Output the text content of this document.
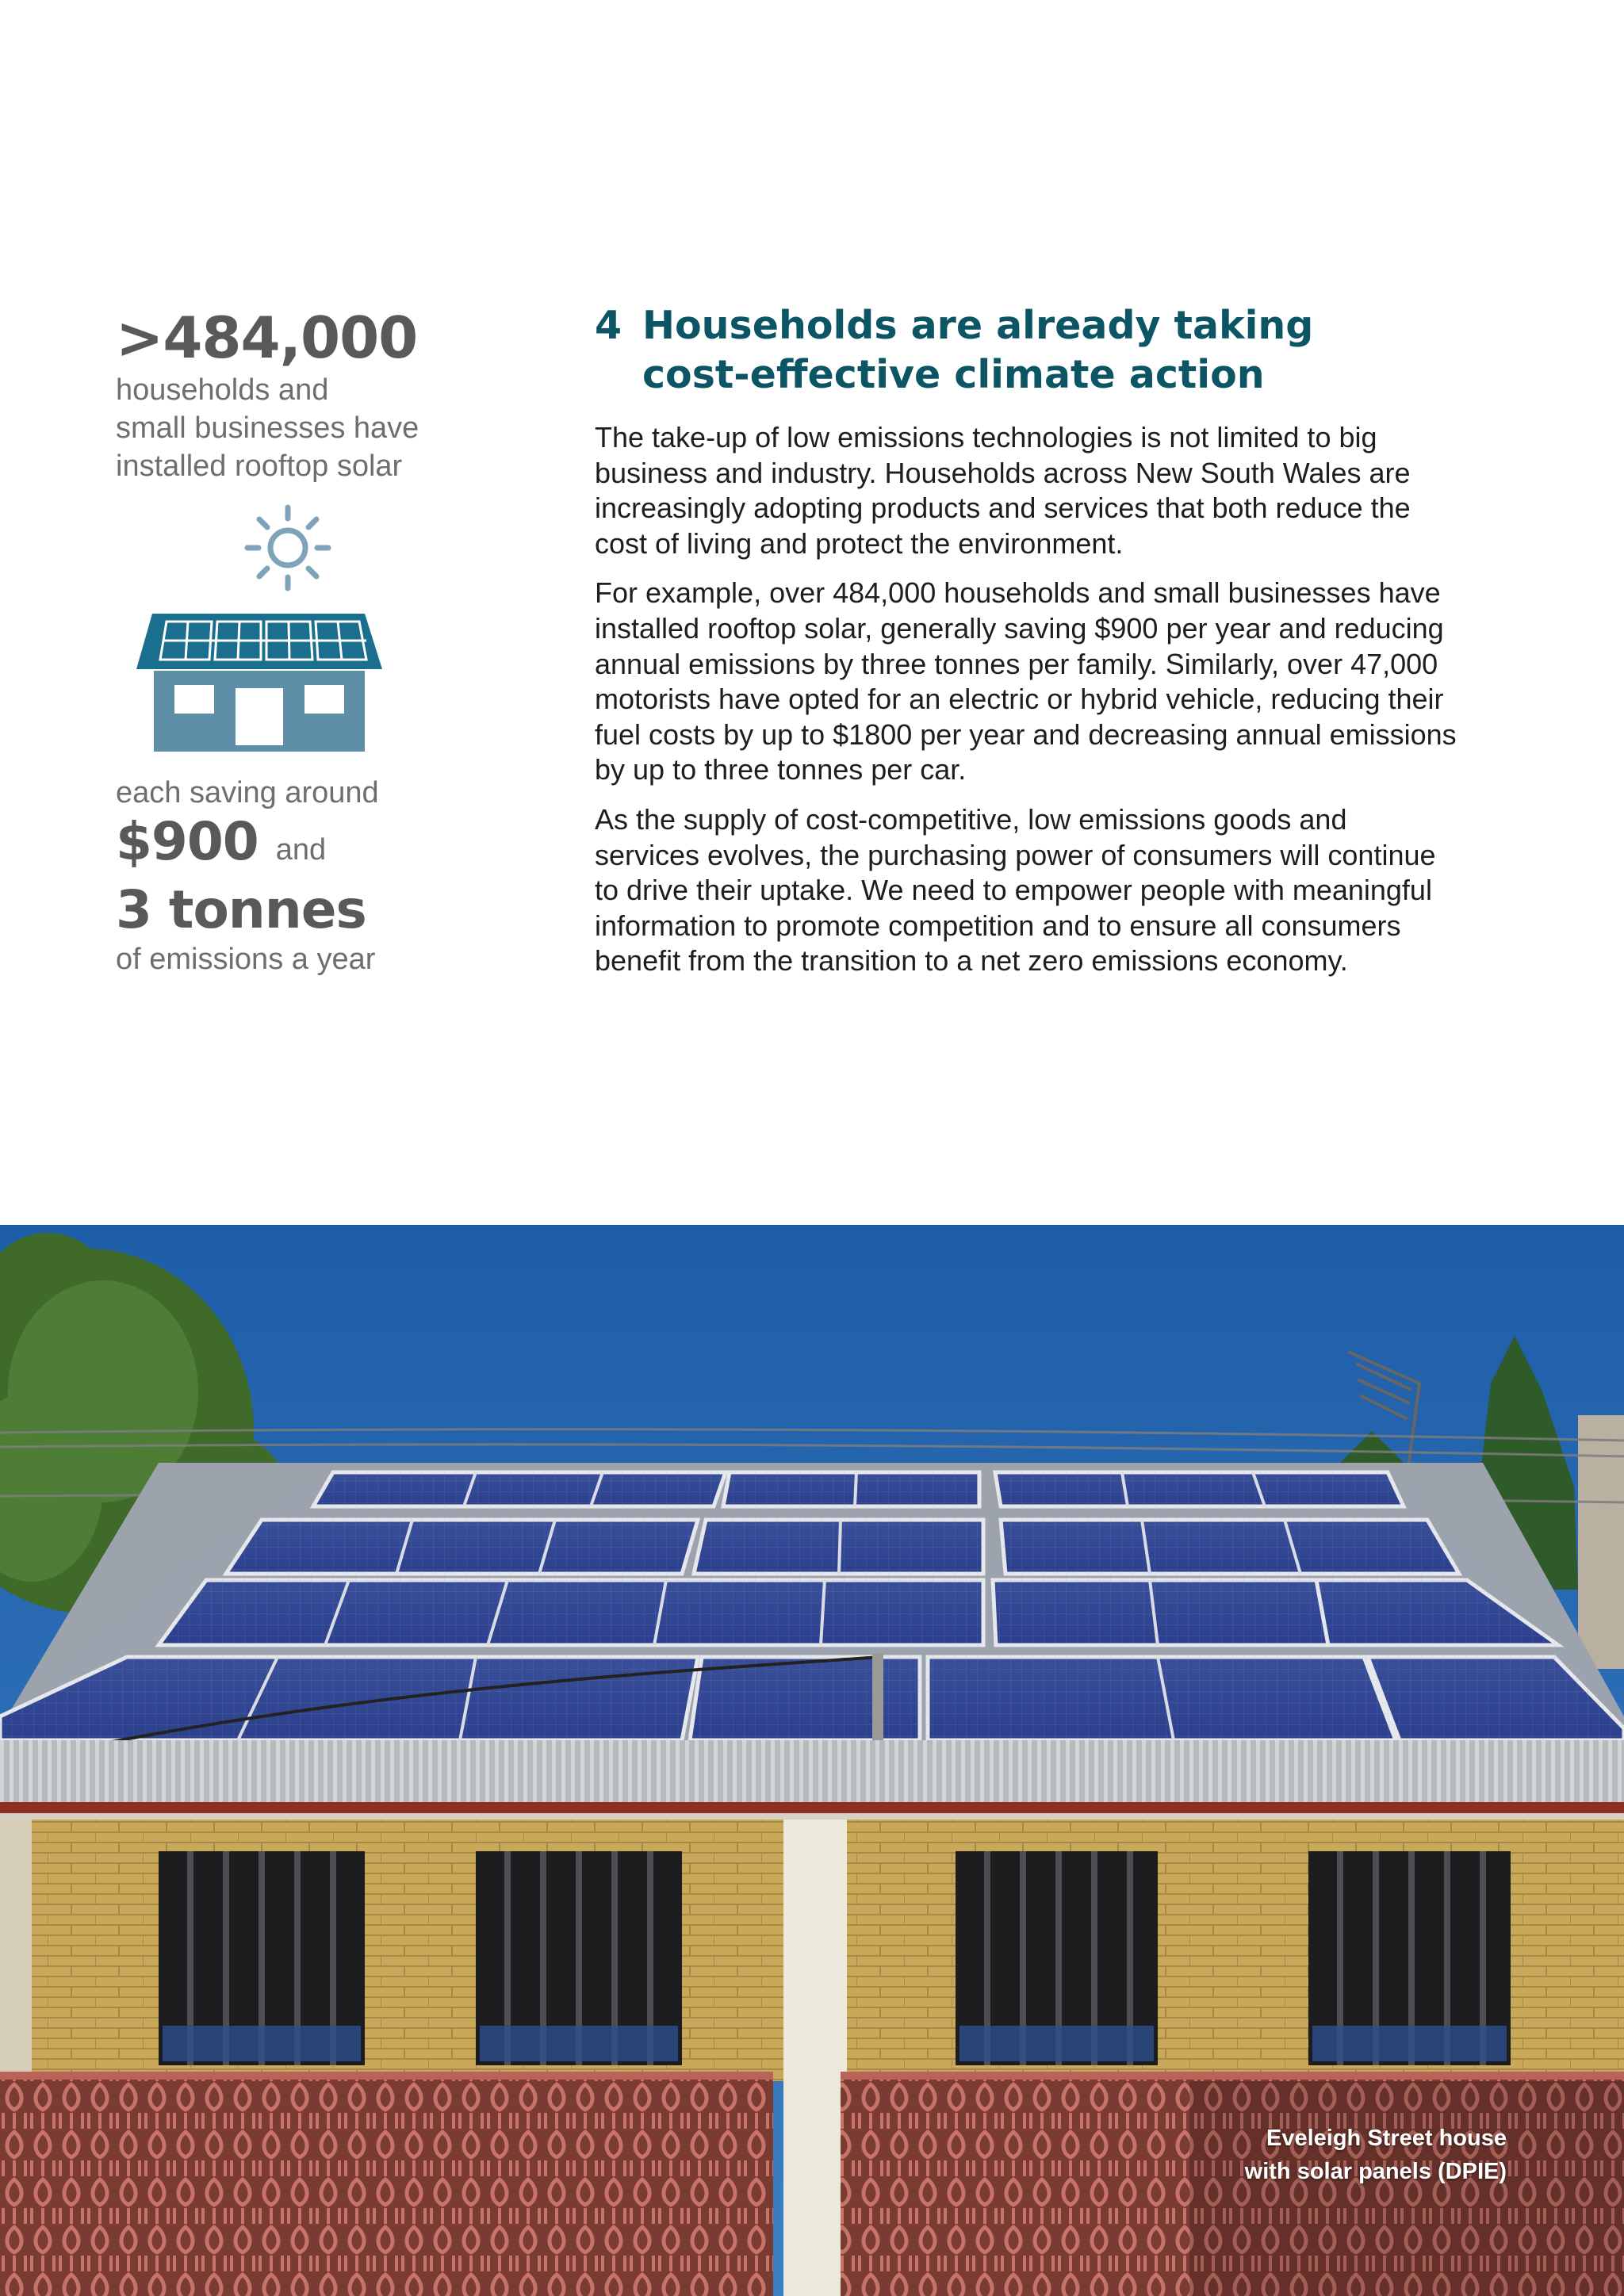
>484,000
households and
small businesses have
installed rooftop solar
each saving around
$900 and
3 tonnes
of emissions a year
4 Households are already taking
cost-effective climate action

The take-up of low emissions technologies is not limited to big
business and industry. Households across New South Wales are
increasingly adopting products and services that both reduce the
cost of living and protect the environment.

For example, over 484,000 households and small businesses have
installed rooftop solar, generally saving $900 per year and reducing
annual emissions by three tonnes per family. Similarly, over 47,000
motorists have opted for an electric or hybrid vehicle, reducing their
fuel costs by up to $1800 per year and decreasing annual emissions
by up to three tonnes per car.

As the supply of cost-competitive, low emissions goods and
services evolves, the purchasing power of consumers will continue
to drive their uptake. We need to empower people with meaningful
information to promote competition and to ensure all consumers
benefit from the transition to a net zero emissions economy.

Eveleigh Street house
with solar panels (DPIE)
